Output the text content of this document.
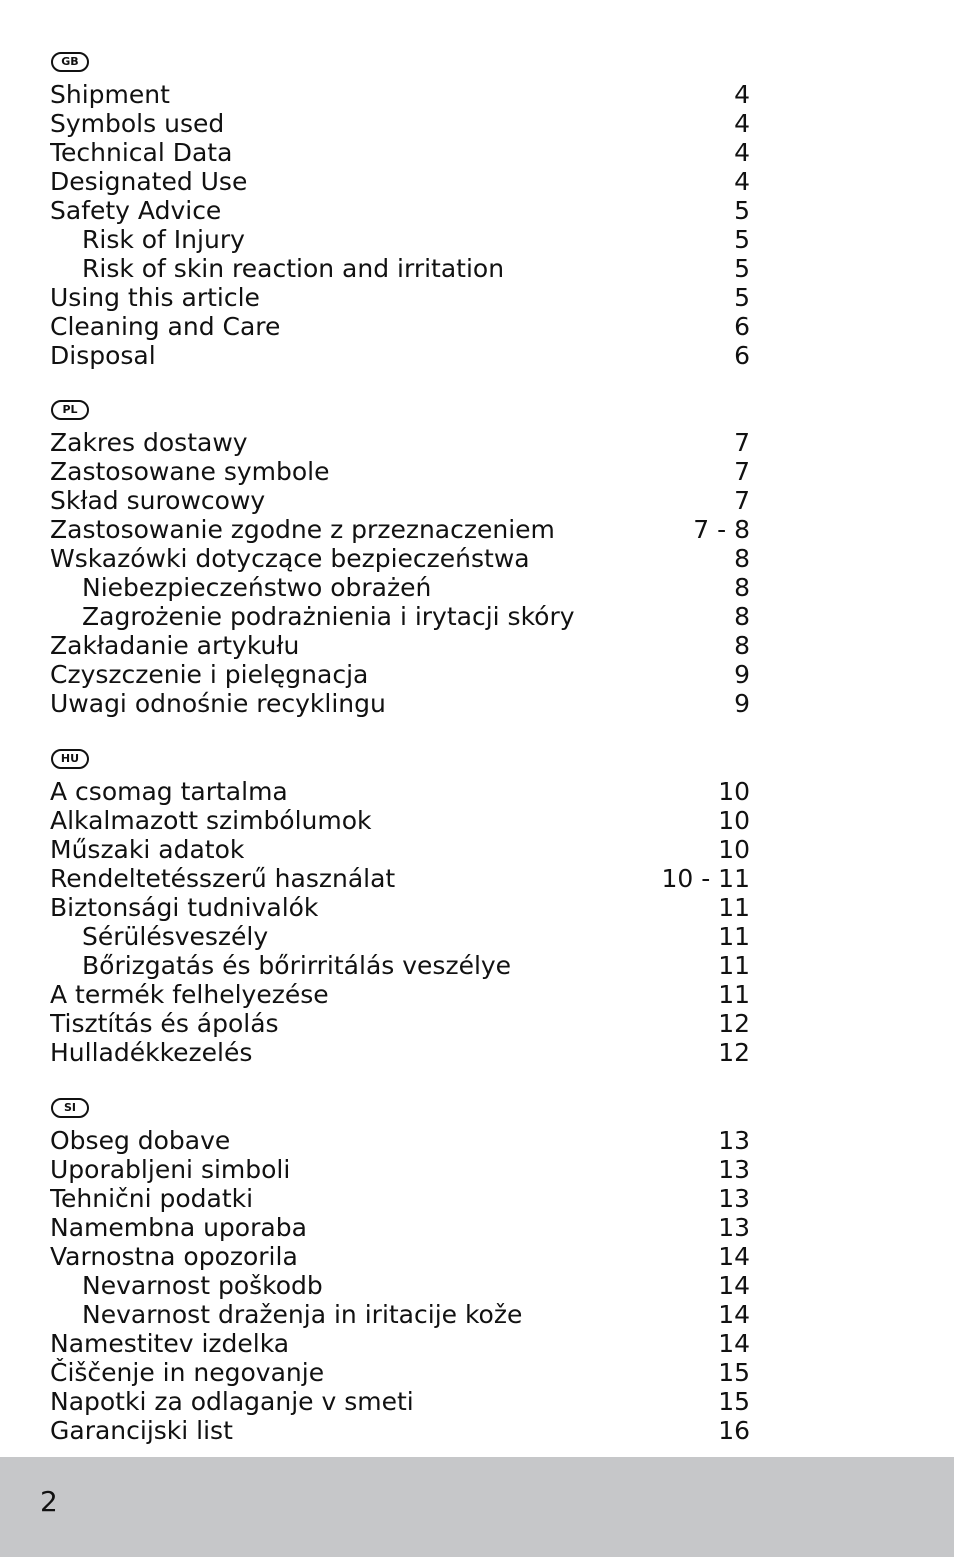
GB
Shipment	4
Symbols used	4
Technical Data	4
Designated Use	4
Safety Advice	5
Risk of Injury	5
Risk of skin reaction and irritation	5
Using this article	5
Cleaning and Care	6
Disposal	6
PL
Zakres dostawy	7
Zastosowane symbole	7
Skład surowcowy	7
Zastosowanie zgodne z przeznaczeniem	7 - 8
Wskazówki dotyczące bezpieczeństwa	8
Niebezpieczeństwo obrażeń	8
Zagrożenie podrażnienia i irytacji skóry	8
Zakładanie artykułu	8
Czyszczenie i pielęgnacja	9
Uwagi odnośnie recyklingu	9
HU
A csomag tartalma	10
Alkalmazott szimbólumok	10
Műszaki adatok	10
Rendeltetésszerű használat	10 - 11
Biztonsági tudnivalók	11
Sérülésveszély	11
Bőrizgatás és bőrirritálás veszélye	11
A termék felhelyezése	11
Tisztítás és ápolás	12
Hulladékkezelés	12
SI
Obseg dobave	13
Uporabljeni simboli	13
Tehnični podatki	13
Namembna uporaba	13
Varnostna opozorila	14
Nevarnost poškodb	14
Nevarnost draženja in iritacije kože	14
Namestitev izdelka	14
Čiščenje in negovanje	15
Napotki za odlaganje v smeti	15
Garancijski list	16
2
